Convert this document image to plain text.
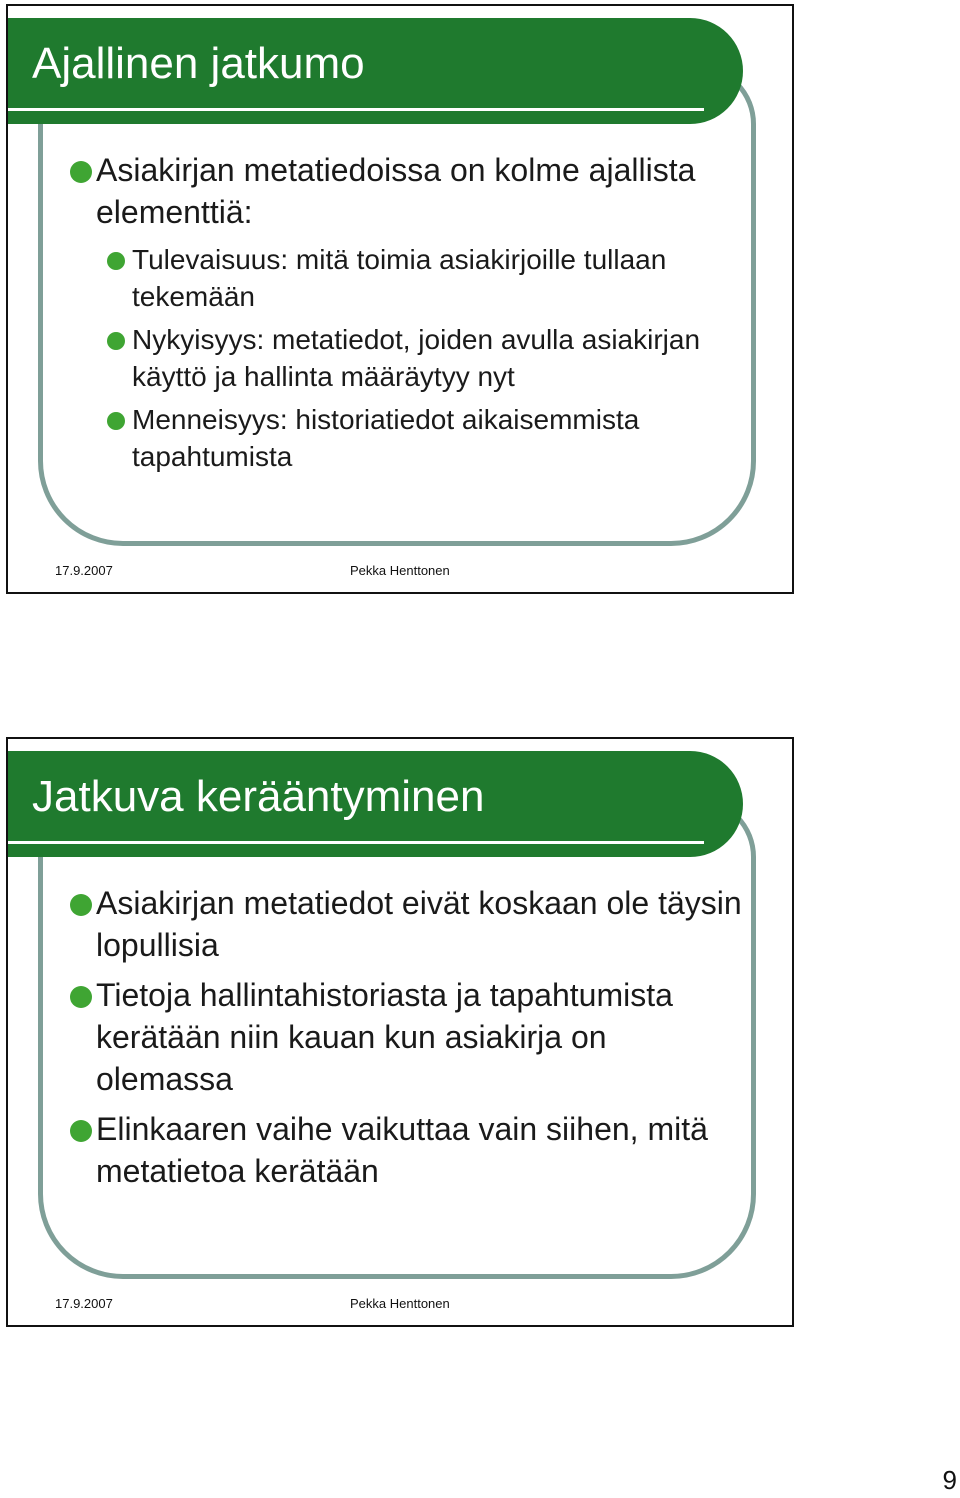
Ajallinen jatkumo
Asiakirjan metatiedoissa on kolme ajallista elementtiä:
Tulevaisuus: mitä toimia asiakirjoille tullaan tekemään
Nykyisyys: metatiedot, joiden avulla asiakirjan käyttö ja hallinta määräytyy nyt
Menneisyys: historiatiedot aikaisemmista tapahtumista
17.9.2007	Pekka Henttonen
Jatkuva kerääntyminen
Asiakirjan metatiedot eivät koskaan ole täysin lopullisia
Tietoja hallintahistoriasta ja tapahtumista kerätään niin kauan kun asiakirja on olemassa
Elinkaaren vaihe vaikuttaa vain siihen, mitä metatietoa kerätään
17.9.2007	Pekka Henttonen
9
